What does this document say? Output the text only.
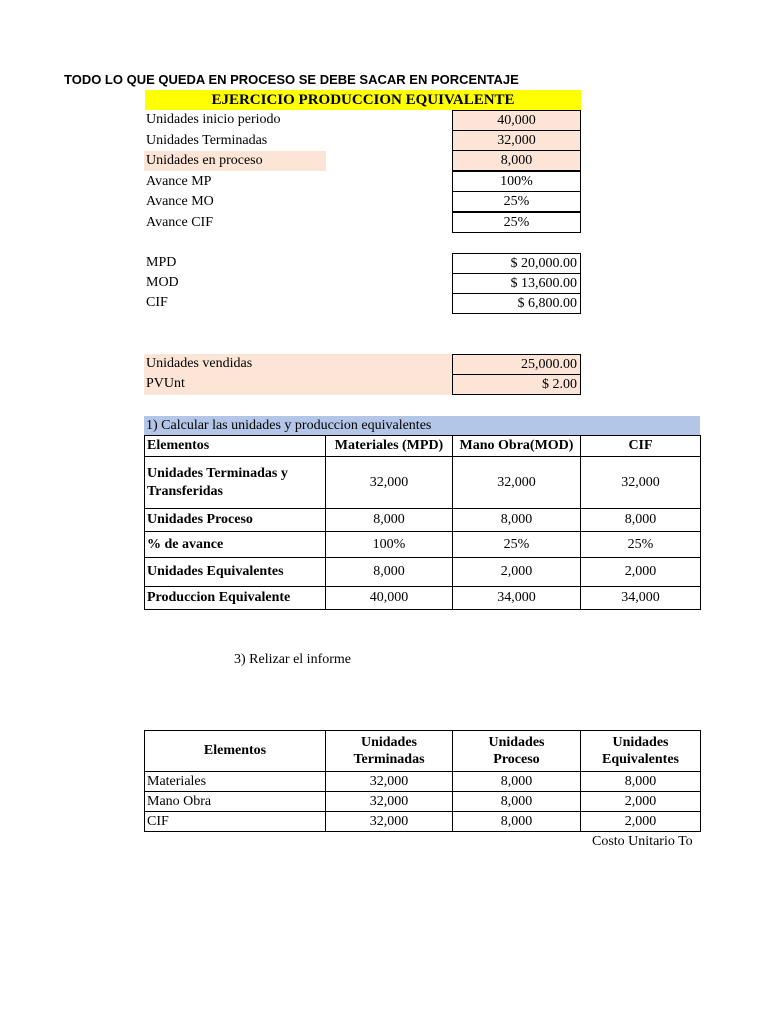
TODO LO QUE QUEDA EN PROCESO SE DEBE SACAR EN PORCENTAJE
EJERCICIO PRODUCCION EQUIVALENTE
Unidades inicio periodo	40,000
Unidades Terminadas	32,000
Unidades en proceso	8,000
Avance MP	100%
Avance MO	25%
Avance CIF	25%
MPD	$ 20,000.00
MOD	$ 13,600.00
CIF	$ 6,800.00
Unidades vendidas	25,000.00
PVUnt	$ 2.00
1) Calcular las unidades y produccion equivalentes
Elementos	Materiales (MPD)	Mano Obra(MOD)	CIF
Unidades Terminadas y Transferidas	32,000	32,000	32,000
Unidades Proceso	8,000	8,000	8,000
% de avance	100%	25%	25%
Unidades Equivalentes	8,000	2,000	2,000
Produccion Equivalente	40,000	34,000	34,000
3) Relizar el informe
Elementos	Unidades Terminadas	Unidades Proceso	Unidades Equivalentes
Materiales	32,000	8,000	8,000
Mano Obra	32,000	8,000	2,000
CIF	32,000	8,000	2,000
Costo Unitario To
